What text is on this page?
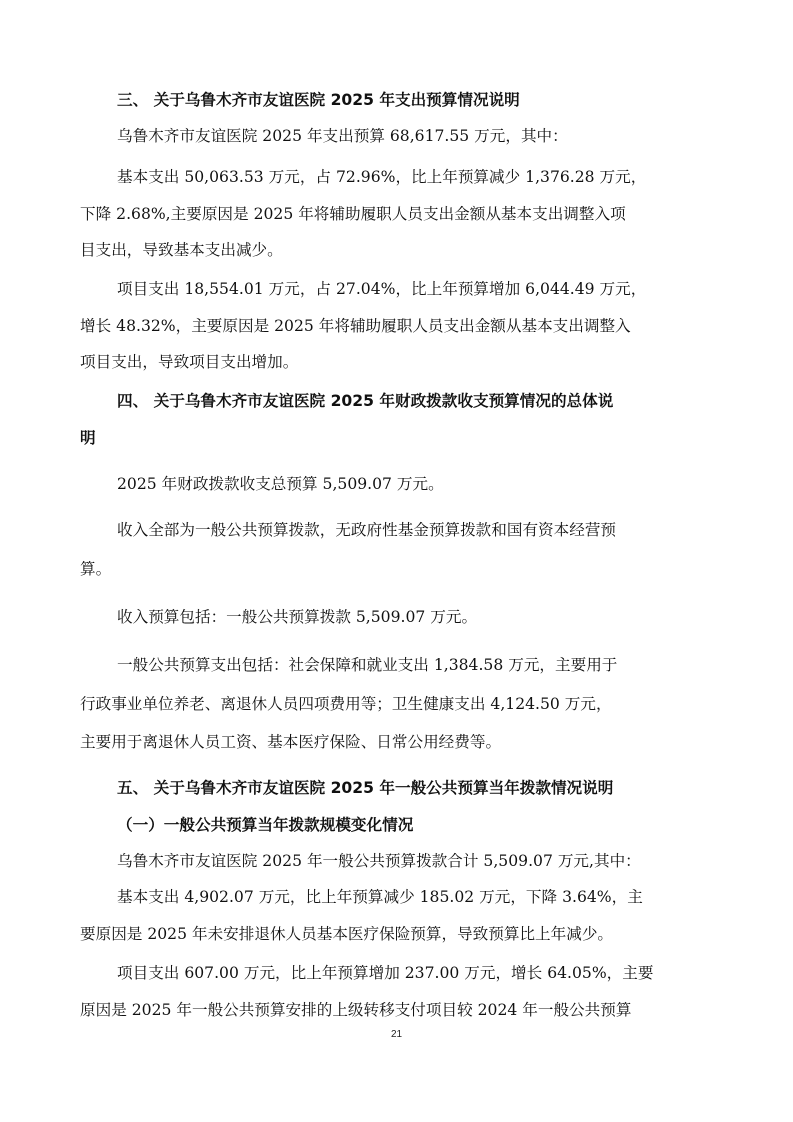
三、 关于乌鲁木齐市友谊医院 2025 年支出预算情况说明
乌鲁木齐市友谊医院 2025 年支出预算 68,617.55 万元，其中：
基本支出 50,063.53 万元，占 72.96%，比上年预算减少 1,376.28 万元，
下降 2.68%,主要原因是 2025 年将辅助履职人员支出金额从基本支出调整入项
目支出，导致基本支出减少。
项目支出 18,554.01 万元，占 27.04%，比上年预算增加 6,044.49 万元，
增长 48.32%，主要原因是 2025 年将辅助履职人员支出金额从基本支出调整入
项目支出，导致项目支出增加。
四、 关于乌鲁木齐市友谊医院 2025 年财政拨款收支预算情况的总体说
明
2025 年财政拨款收支总预算 5,509.07 万元。
收入全部为一般公共预算拨款，无政府性基金预算拨款和国有资本经营预
算。
收入预算包括：一般公共预算拨款 5,509.07 万元。
一般公共预算支出包括：社会保障和就业支出 1,384.58 万元，主要用于
行政事业单位养老、离退休人员四项费用等；卫生健康支出 4,124.50 万元，
主要用于离退休人员工资、基本医疗保险、日常公用经费等。
五、 关于乌鲁木齐市友谊医院 2025 年一般公共预算当年拨款情况说明
（一）一般公共预算当年拨款规模变化情况
乌鲁木齐市友谊医院 2025 年一般公共预算拨款合计 5,509.07 万元,其中：
基本支出 4,902.07 万元，比上年预算减少 185.02 万元，下降 3.64%，主
要原因是 2025 年未安排退休人员基本医疗保险预算，导致预算比上年减少。
项目支出 607.00 万元，比上年预算增加 237.00 万元，增长 64.05%，主要
原因是 2025 年一般公共预算安排的上级转移支付项目较 2024 年一般公共预算
21
